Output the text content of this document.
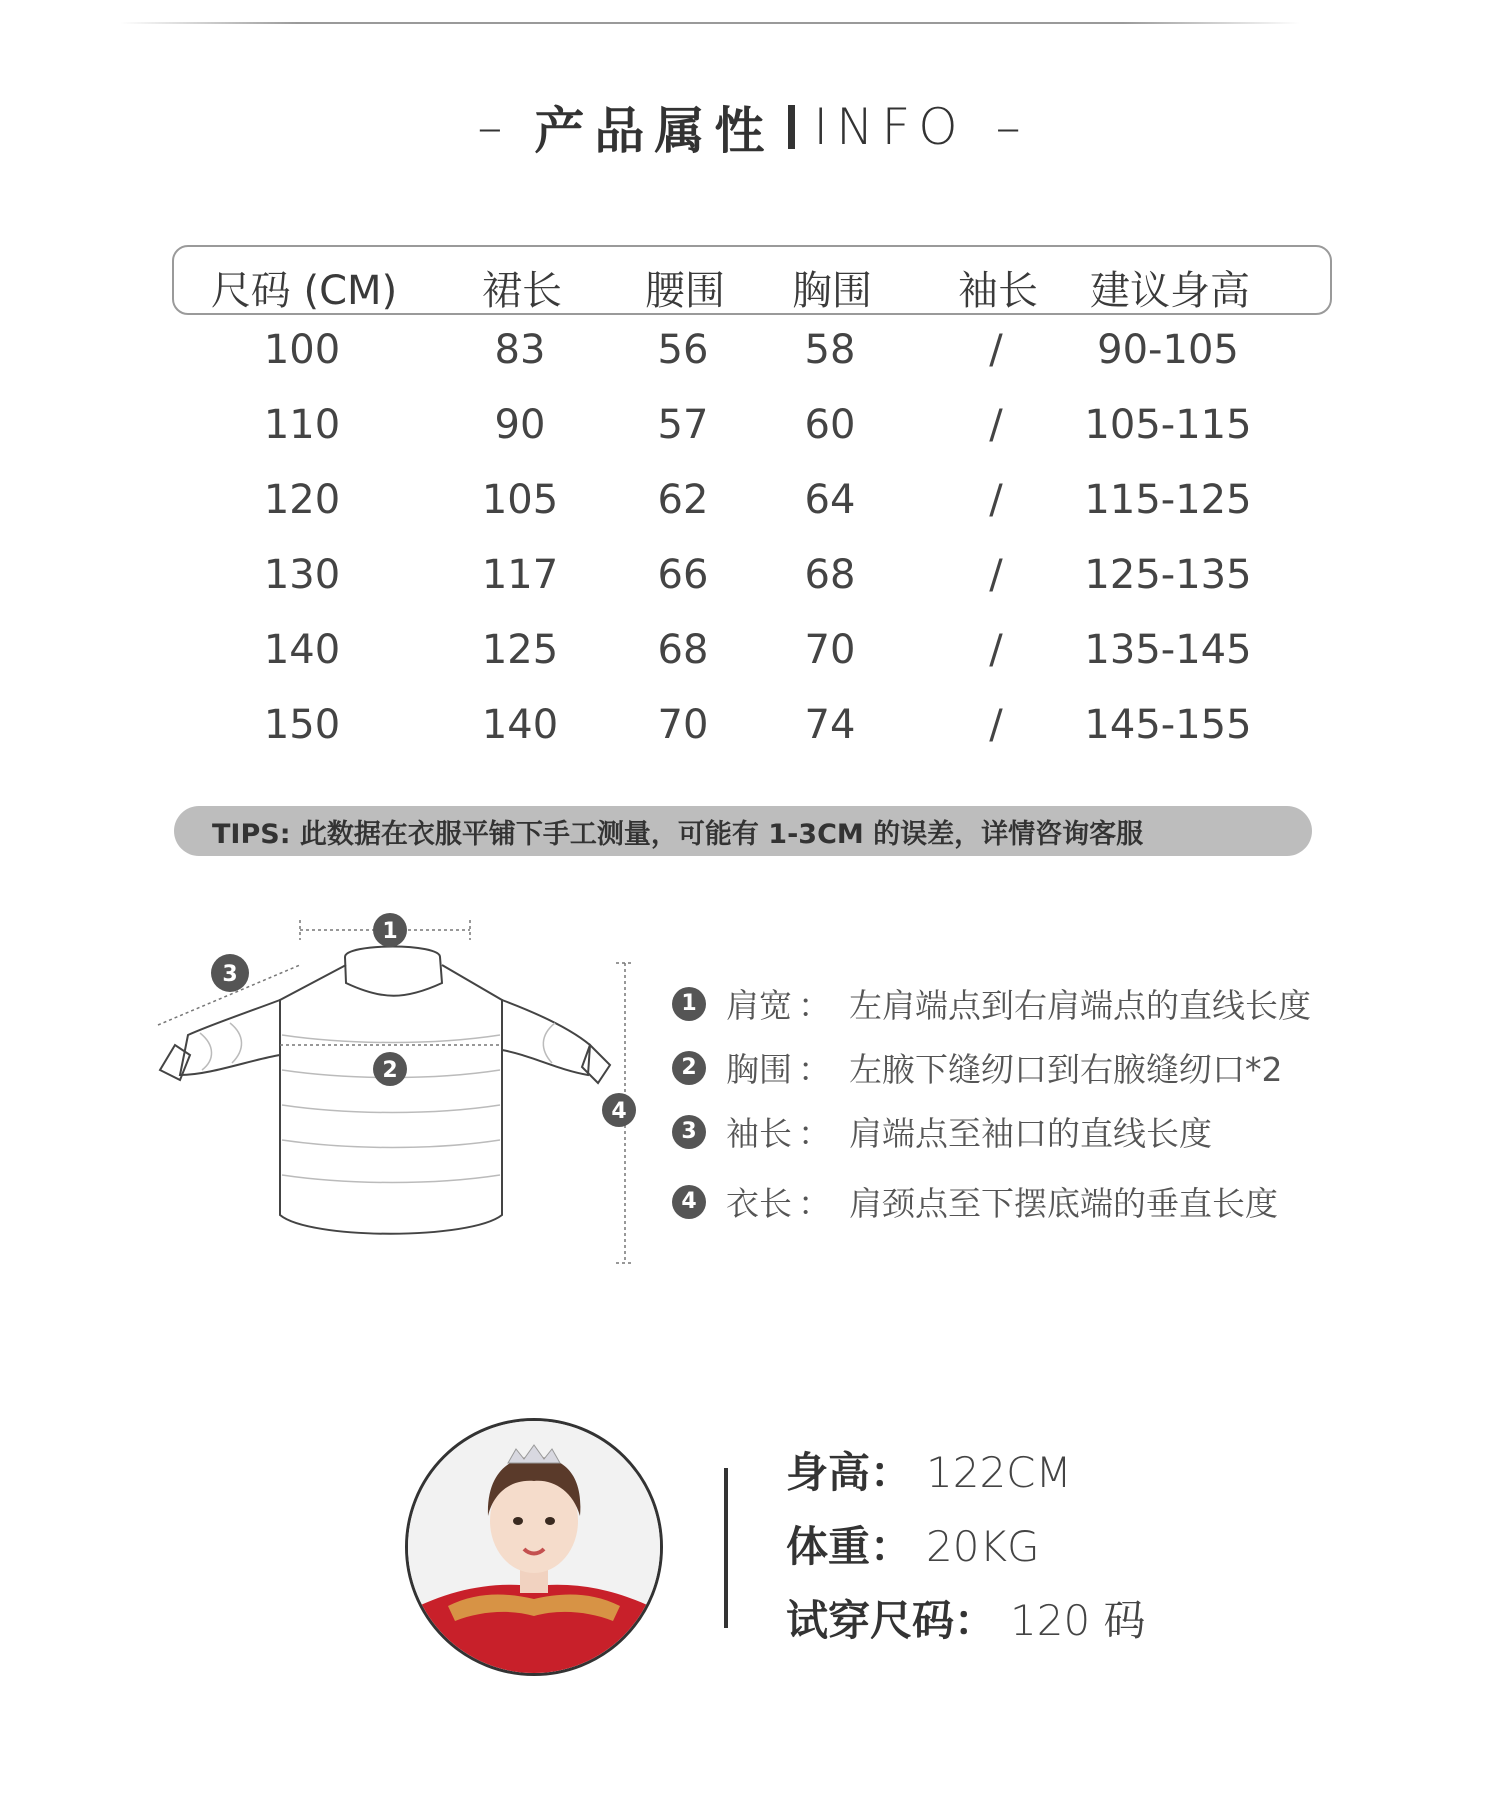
– 产品属性 INFO –
尺码 (CM) 裙长 腰围 胸围 袖长 建议身高
100	83	56 58	/ 90-105
110	90	57 60	/ 105-115
120	105 62 64	/ 115-125
130	117 66 68	/ 125-135
140	125 68 70	/ 135-145
150	140 70 74	/ 145-155
TIPS: 此数据在衣服平铺下手工测量，可能有 1-3CM 的误差，详情咨询客服
1
2
3
4
1 肩宽 ： 左肩端点到右肩端点的直线长度
2 胸围 ： 左腋下缝纫口到右腋缝纫口*2
3 袖长 ： 肩端点至袖口的直线长度
4 衣长 ： 肩颈点至下摆底端的垂直长度
身高： 122CM
体重： 20KG
试穿尺码： 120 码
